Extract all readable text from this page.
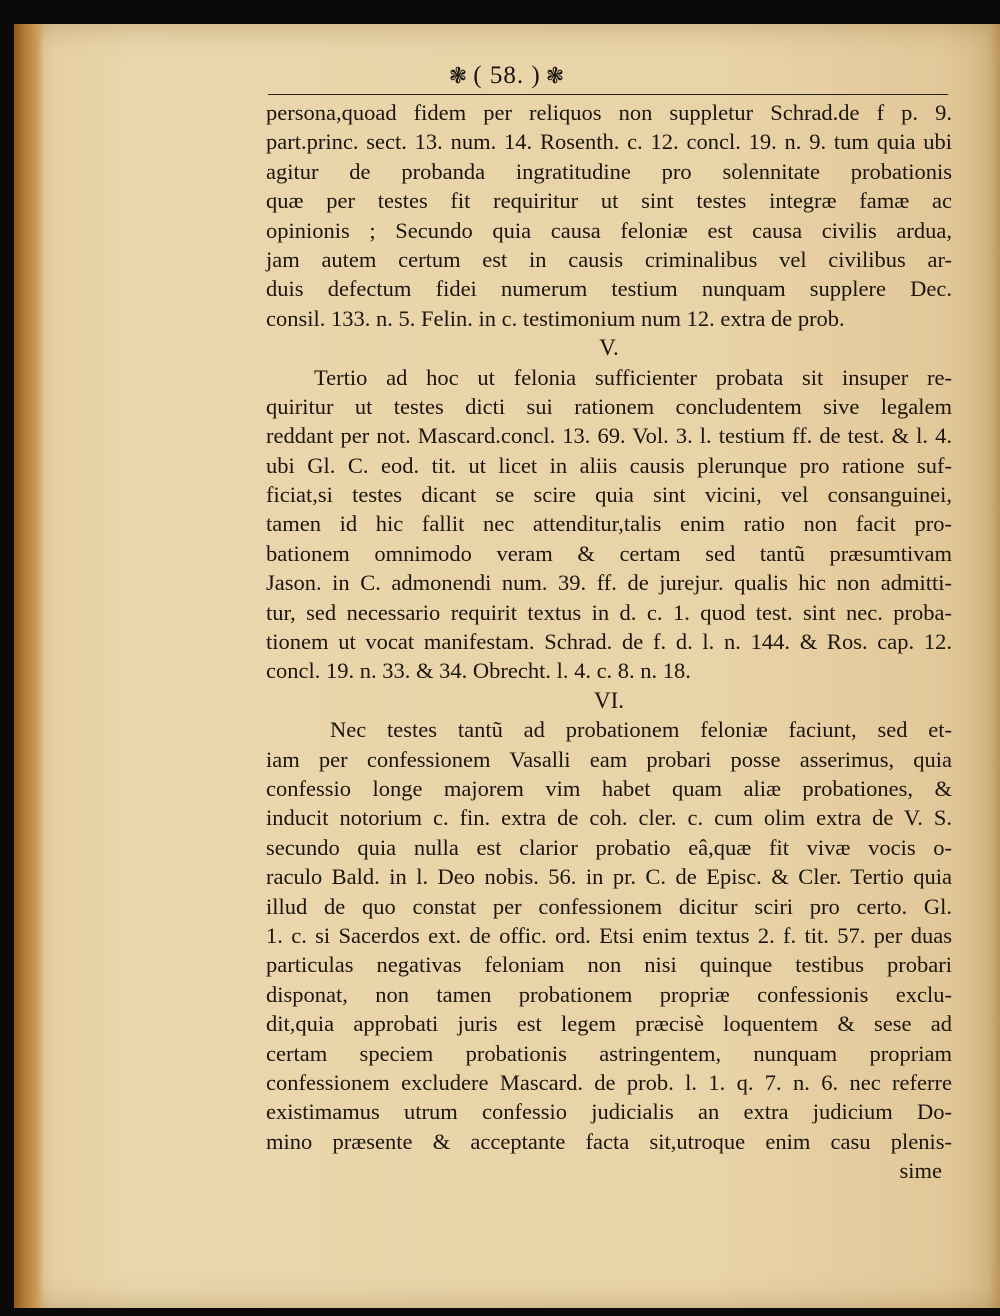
❃ ( 58. ) ❃
persona,quoad fidem per reliquos non suppletur Schrad.de f p. 9.
part.princ. sect. 13. num. 14. Rosenth. c. 12. concl. 19. n. 9. tum quia ubi
agitur de probanda ingratitudine pro solennitate probationis
quæ per testes fit requiritur ut sint testes integræ famæ ac
opinionis ; Secundo quia causa feloniæ est causa civilis ardua,
jam autem certum est in causis criminalibus vel civilibus ar-
duis defectum fidei numerum testium nunquam supplere Dec.
consil. 133. n. 5. Felin. in c. testimonium num 12. extra de prob.
V.
Tertio ad hoc ut felonia sufficienter probata sit insuper re-
quiritur ut testes dicti sui rationem concludentem sive legalem
reddant per not. Mascard.concl. 13. 69. Vol. 3. l. testium ff. de test. & l. 4.
ubi Gl. C. eod. tit. ut licet in aliis causis plerunque pro ratione suf-
ficiat,si testes dicant se scire quia sint vicini, vel consanguinei,
tamen id hic fallit nec attenditur,talis enim ratio non facit pro-
bationem omnimodo veram & certam sed tantũ præsumtivam
Jason. in C. admonendi num. 39. ff. de jurejur. qualis hic non admitti-
tur, sed necessario requirit textus in d. c. 1. quod test. sint nec. proba-
tionem ut vocat manifestam. Schrad. de f. d. l. n. 144. & Ros. cap. 12.
concl. 19. n. 33. & 34. Obrecht. l. 4. c. 8. n. 18.
VI.
Nec testes tantũ ad probationem feloniæ faciunt, sed et-
iam per confessionem Vasalli eam probari posse asserimus, quia
confessio longe majorem vim habet quam aliæ probationes, &
inducit notorium c. fin. extra de coh. cler. c. cum olim extra de V. S.
secundo quia nulla est clarior probatio eâ,quæ fit vivæ vocis o-
raculo Bald. in l. Deo nobis. 56. in pr. C. de Episc. & Cler. Tertio quia
illud de quo constat per confessionem dicitur sciri pro certo. Gl.
1. c. si Sacerdos ext. de offic. ord. Etsi enim textus 2. f. tit. 57. per duas
particulas negativas feloniam non nisi quinque testibus probari
disponat, non tamen probationem propriæ confessionis exclu-
dit,quia approbati juris est legem præcisè loquentem & sese ad
certam speciem probationis astringentem, nunquam propriam
confessionem excludere Mascard. de prob. l. 1. q. 7. n. 6. nec referre
existimamus utrum confessio judicialis an extra judicium Do-
mino præsente & acceptante facta sit,utroque enim casu plenis-
sime
